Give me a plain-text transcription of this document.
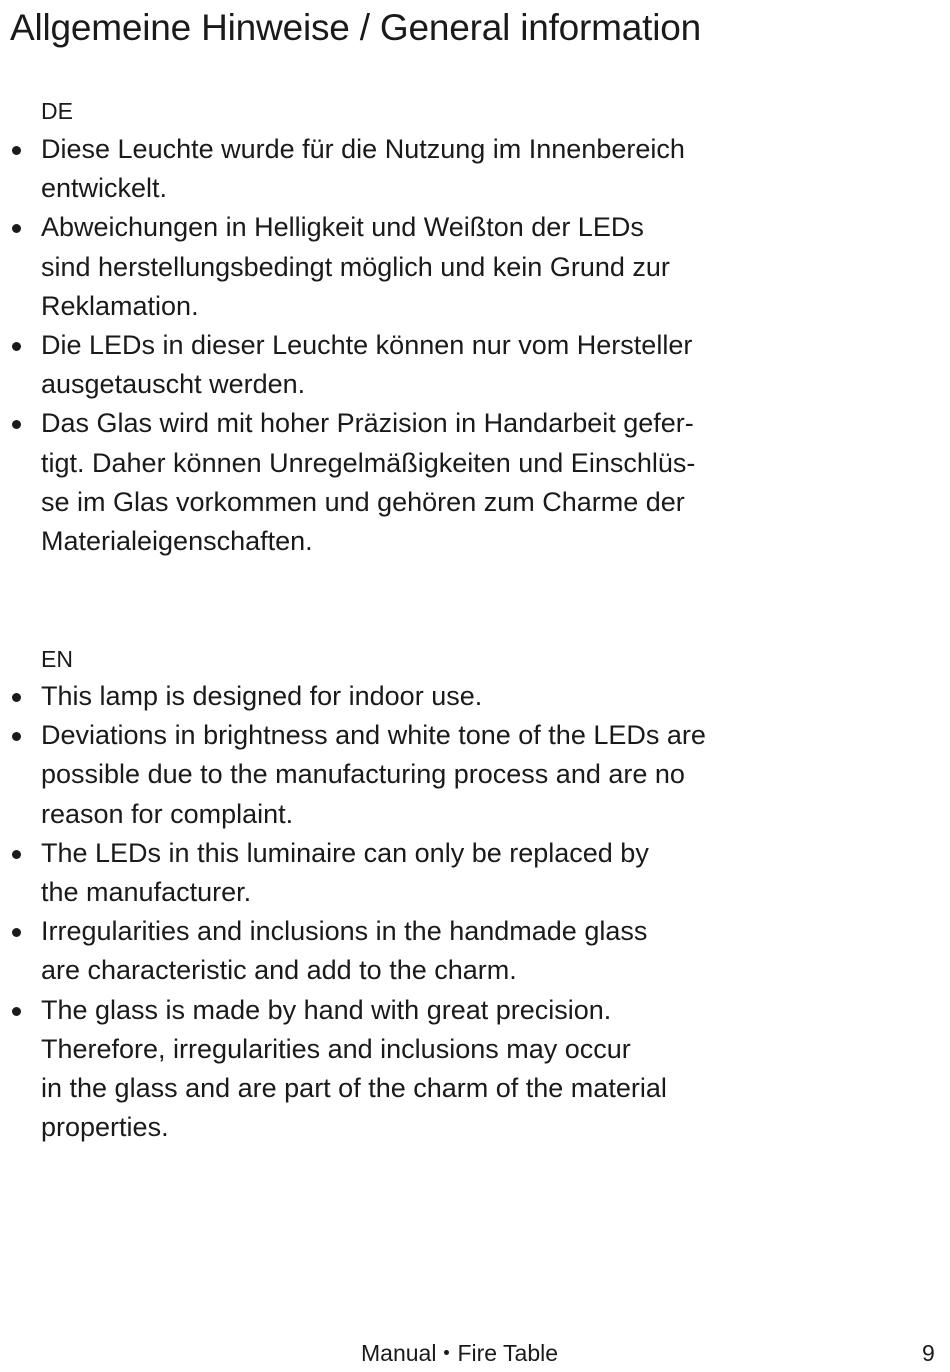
Allgemeine Hinweise / General information
DE
Diese Leuchte wurde für die Nutzung im Innenbereich
entwickelt.
Abweichungen in Helligkeit und Weißton der LEDs
sind herstellungsbedingt möglich und kein Grund zur
Reklamation.
Die LEDs in dieser Leuchte können nur vom Hersteller
ausgetauscht werden.
Das Glas wird mit hoher Präzision in Handarbeit gefer-
tigt. Daher können Unregelmäßigkeiten und Einschlüs-
se im Glas vorkommen und gehören zum Charme der
Materialeigenschaften.
EN
This lamp is designed for indoor use.
Deviations in brightness and white tone of the LEDs are
possible due to the manufacturing process and are no
reason for complaint.
The LEDs in this luminaire can only be replaced by
the manufacturer.
Irregularities and inclusions in the handmade glass
are characteristic and add to the charm.
The glass is made by hand with great precision.
Therefore, irregularities and inclusions may occur
in the glass and are part of the charm of the material
properties.
Manual Fire Table	9
